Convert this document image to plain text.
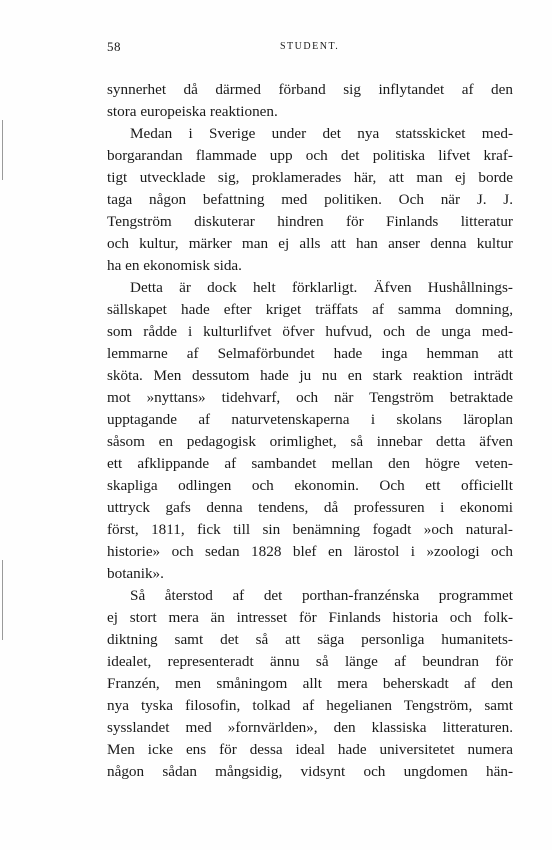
58	STUDENT.
synnerhet då därmed förband sig inflytandet af den
stora europeiska reaktionen.
Medan i Sverige under det nya statsskicket med-
borgarandan flammade upp och det politiska lifvet kraf-
tigt utvecklade sig, proklamerades här, att man ej borde
taga någon befattning med politiken. Och när J. J.
Tengström diskuterar hindren för Finlands litteratur
och kultur, märker man ej alls att han anser denna kultur
ha en ekonomisk sida.
Detta är dock helt förklarligt. Äfven Hushållnings-
sällskapet hade efter kriget träffats af samma domning,
som rådde i kulturlifvet öfver hufvud, och de unga med-
lemmarne af Selmaförbundet hade inga hemman att
sköta. Men dessutom hade ju nu en stark reaktion inträdt
mot »nyttans» tidehvarf, och när Tengström betraktade
upptagande af naturvetenskaperna i skolans läroplan
såsom en pedagogisk orimlighet, så innebar detta äfven
ett afklippande af sambandet mellan den högre veten-
skapliga odlingen och ekonomin. Och ett officiellt
uttryck gafs denna tendens, då professuren i ekonomi
först, 1811, fick till sin benämning fogadt »och natural-
historie» och sedan 1828 blef en lärostol i »zoologi och
botanik».
Så återstod af det porthan-franzénska programmet
ej stort mera än intresset för Finlands historia och folk-
diktning samt det så att säga personliga humanitets-
idealet, representeradt ännu så länge af beundran för
Franzén, men småningom allt mera beherskadt af den
nya tyska filosofin, tolkad af hegelianen Tengström, samt
sysslandet med »fornvärlden», den klassiska litteraturen.
Men icke ens för dessa ideal hade universitetet numera
någon sådan mångsidig, vidsynt och ungdomen hän-
